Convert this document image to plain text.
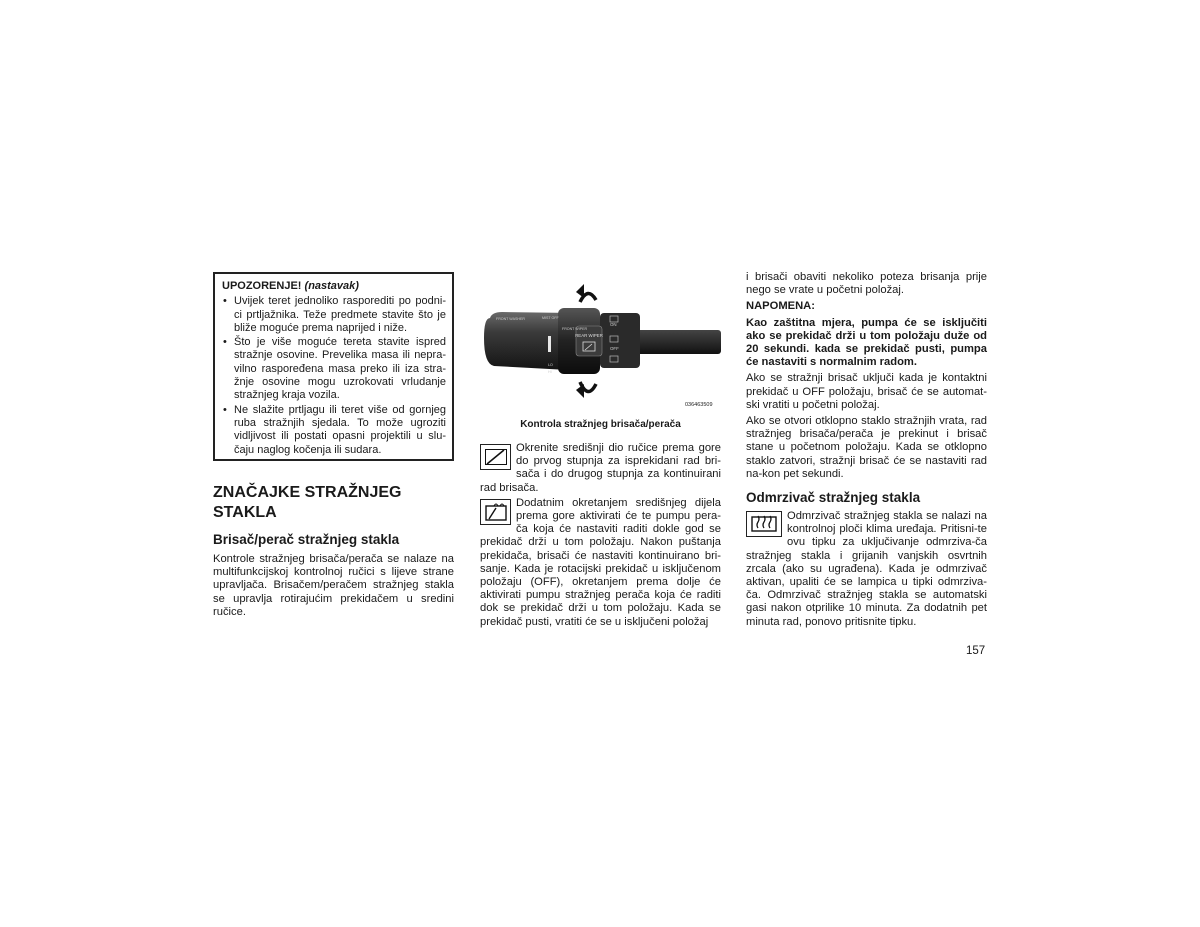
UPOZORENJE! (nastavak)
• Uvijek teret jednoliko rasporediti po podni-ci prtljažnika. Teže predmete stavite što je bliže moguće prema naprijed i niže.
• Što je više moguće tereta stavite ispred stražnje osovine. Prevelika masa ili nepra-vilno raspoređena masa preko ili iza stra-žnje osovine mogu uzrokovati vrludanje stražnjeg kraja vozila.
• Ne slažite prtljagu ili teret više od gornjeg ruba stražnjih sjedala. To može ugroziti vidljivost ili postati opasni projektili u slu-čaju naglog kočenja ili sudara.
ZNAČAJKE STRAŽNJEG STAKLA
Brisač/perač stražnjeg stakla

Kontrole stražnjeg brisača/perača se nalaze na multifunkcijskoj kontrolnoj ručici s lijeve strane upravljača. Brisačem/peračem stražnjeg stakla se upravlja rotirajućim prekidačem u sredini ručice.

REAR WIPER
FRONT WASHER	MIST OFF
FRONT WIPER
ON
OFF
LO
HI
036463509
Kontrola stražnjeg brisača/perača
Okrenite središnji dio ručice prema gore do prvog stupnja za isprekidani rad bri-sača i do drugog stupnja za kontinuirani rad brisača.
Dodatnim okretanjem središnjeg dijela prema gore aktivirati će te pumpu pera-ča koja će nastaviti raditi dokle god se prekidač drži u tom položaju. Nakon puštanja prekidača, brisači će nastaviti kontinuirano bri-sanje. Kada je rotacijski prekidač u isključenom položaju (OFF), okretanjem prema dolje će aktivirati pumpu stražnjeg perača koja će raditi dok se prekidač drži u tom položaju. Kada se prekidač pusti, vratiti će se u isključeni položaj

i brisači obaviti nekoliko poteza brisanja prije nego se vrate u početni položaj.

NAPOMENA:

Kao zaštitna mjera, pumpa će se isključiti ako se prekidač drži u tom položaju duže od 20 sekundi. kada se prekidač pusti, pumpa će nastaviti s normalnim radom.

Ako se stražnji brisač uključi kada je kontaktni prekidač u OFF položaju, brisač će se automat-ski vratiti u početni položaj.

Ako se otvori otklopno staklo stražnjih vrata, rad stražnjeg brisača/perača je prekinut i brisač stane u početnom položaju. Kada se otklopno staklo zatvori, stražnji brisač će se nastaviti rad na-kon pet sekundi.

Odmrzivač stražnjeg stakla
Odmrzivač stražnjeg stakla se nalazi na kontrolnoj ploči klima uređaja. Pritisni-te ovu tipku za uključivanje odmrziva-ča stražnjeg stakla i grijanih vanjskih osvrtnih zrcala (ako su ugrađena). Kada je odmrzivač aktivan, upaliti će se lampica u tipki odmrziva-ča. Odmrzivač stražnjeg stakla se automatski gasi nakon otprilike 10 minuta. Za dodatnih pet minuta rad, ponovo pritisnite tipku.
157
